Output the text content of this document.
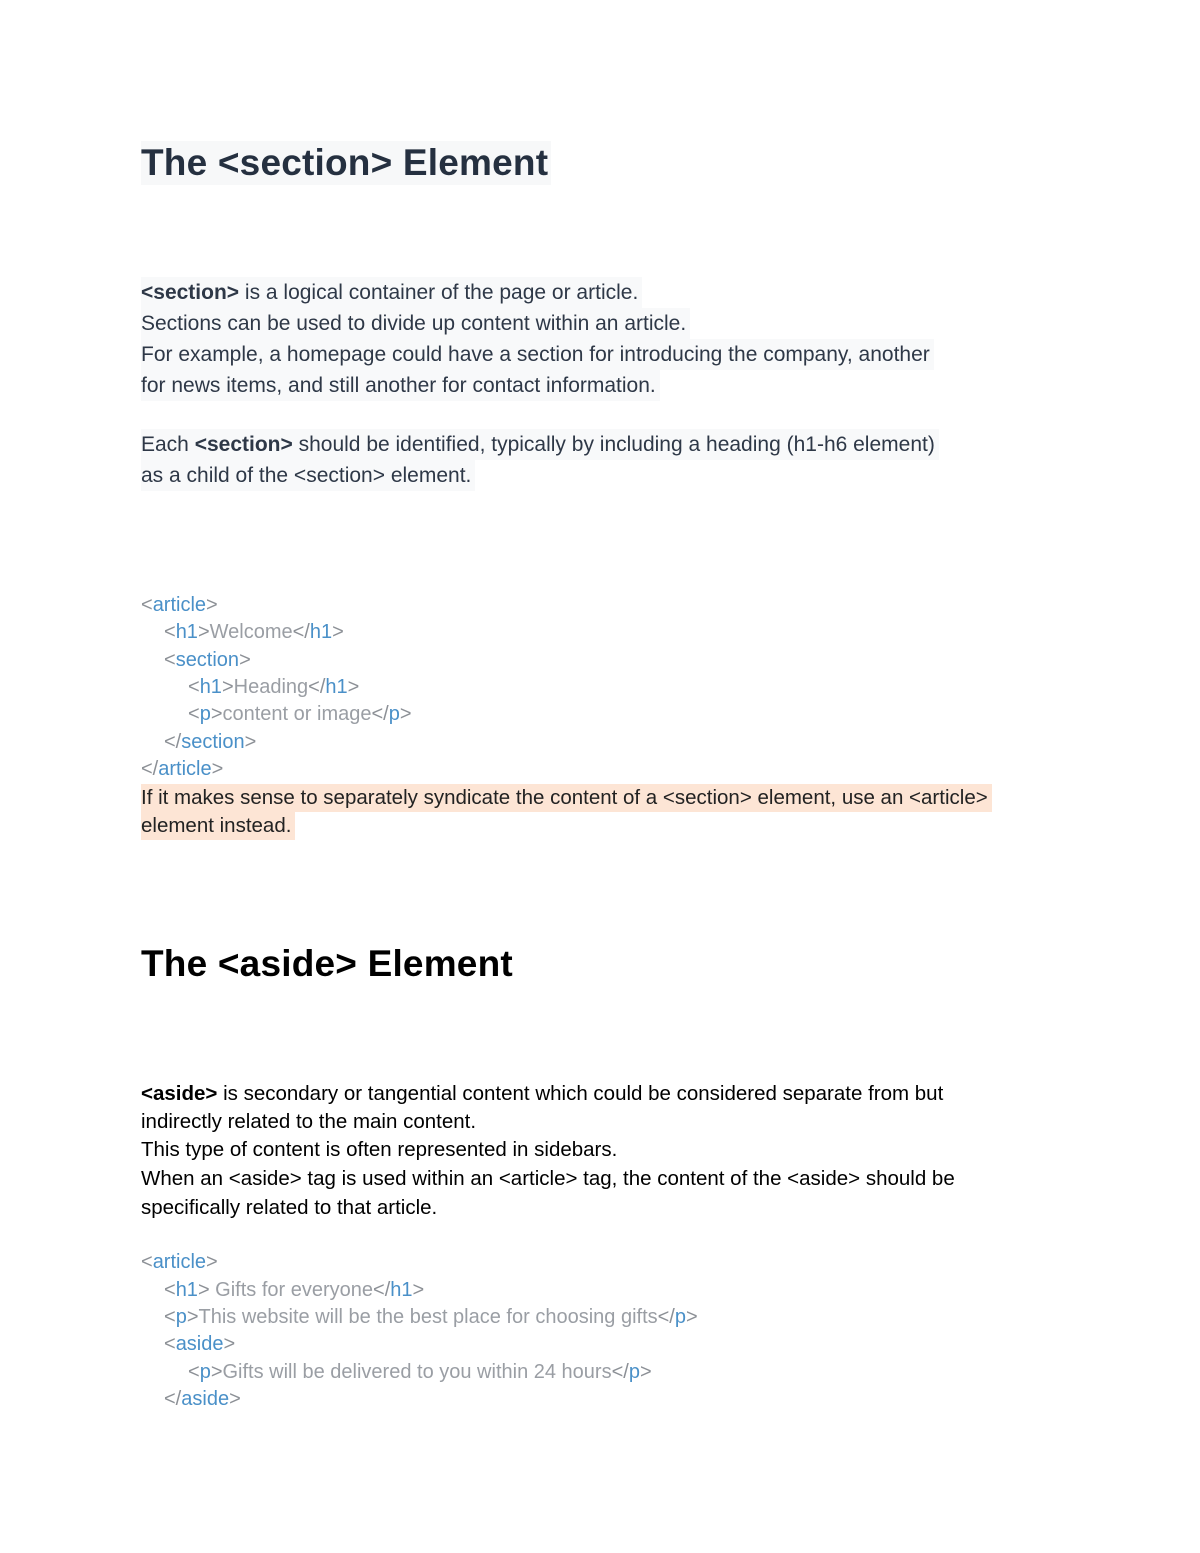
The <section> Element
<section> is a logical container of the page or article.
Sections can be used to divide up content within an article.
For example, a homepage could have a section for introducing the company, another
for news items, and still another for contact information.
Each <section> should be identified, typically by including a heading (h1-h6 element)
as a child of the <section> element.
<article>
<h1>Welcome</h1>
<section>
<h1>Heading</h1>
<p>content or image</p>
</section>
</article>
If it makes sense to separately syndicate the content of a <section> element, use an <article>
element instead.
The <aside> Element
<aside> is secondary or tangential content which could be considered separate from but
indirectly related to the main content.
This type of content is often represented in sidebars.
When an <aside> tag is used within an <article> tag, the content of the <aside> should be
specifically related to that article.
<article>
<h1> Gifts for everyone</h1>
<p>This website will be the best place for choosing gifts</p>
<aside>
<p>Gifts will be delivered to you within 24 hours</p>
</aside>
